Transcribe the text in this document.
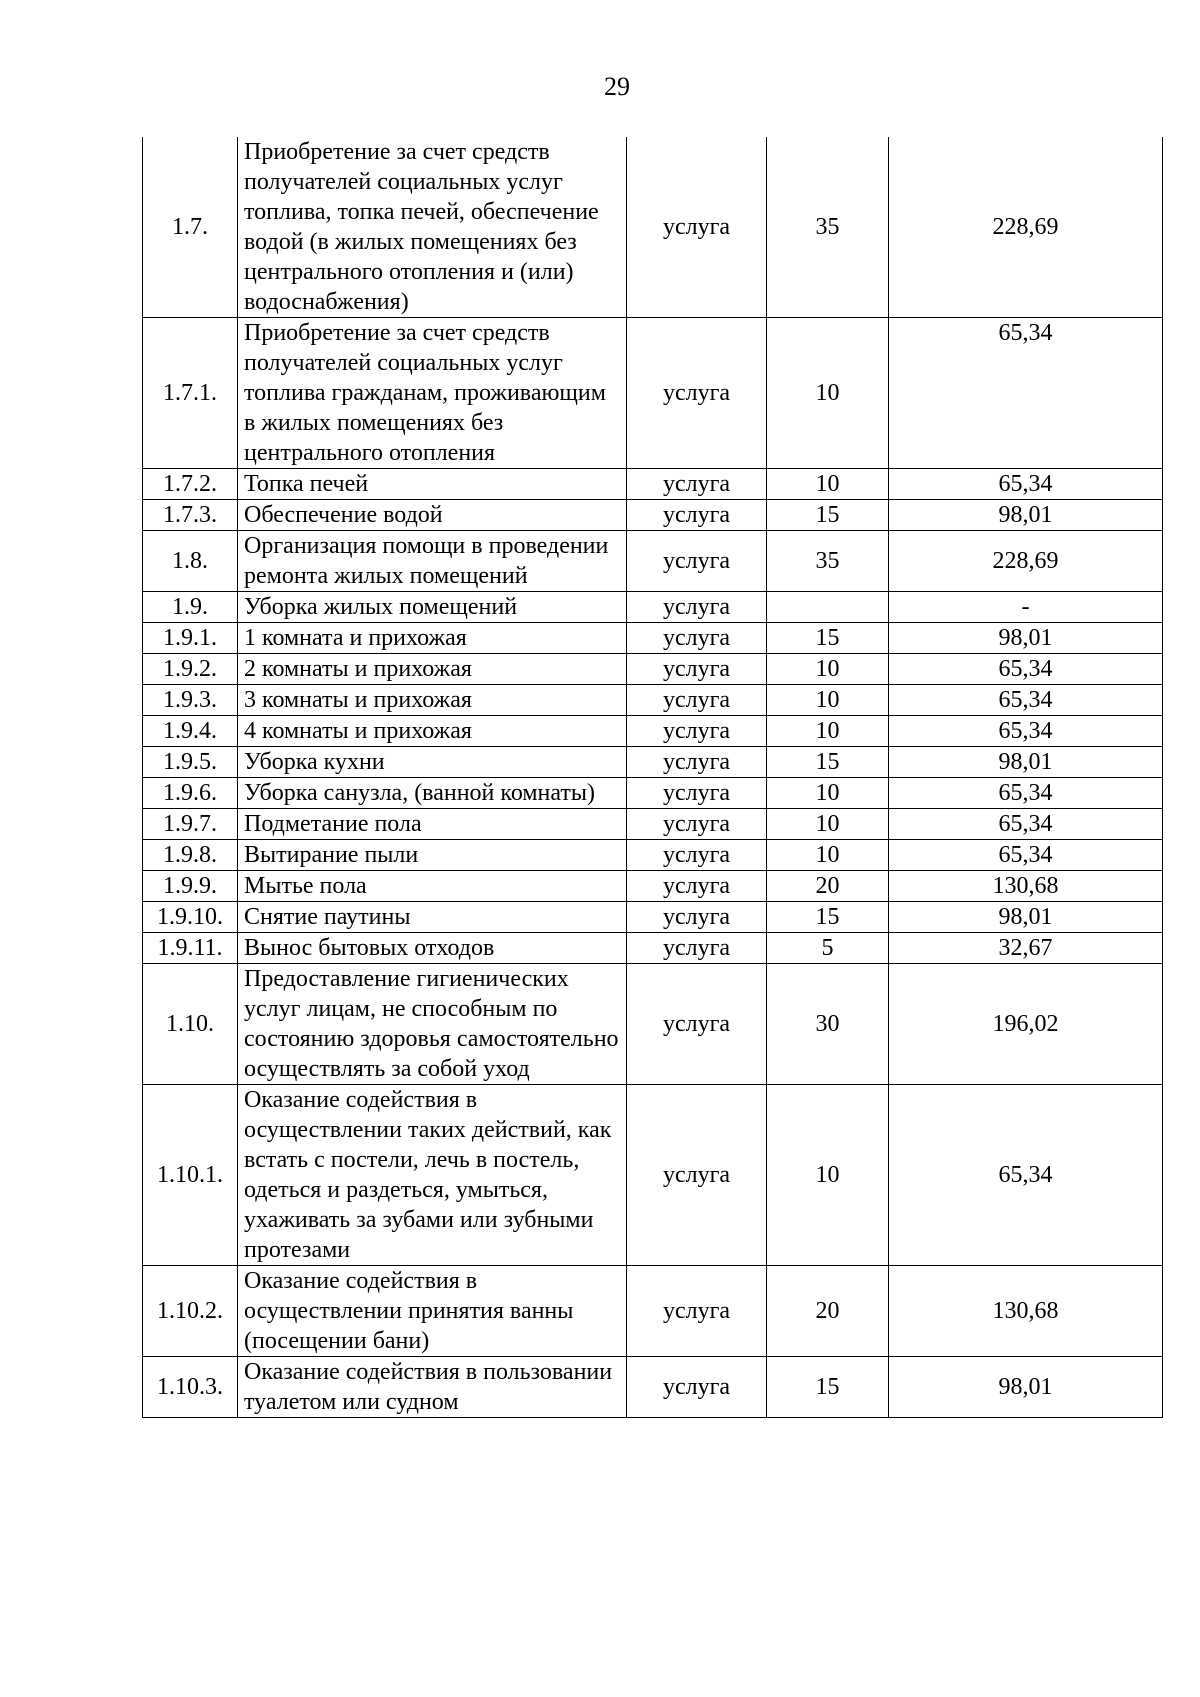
29
1.7.	Приобретение за счет средств получателей социальных услуг топлива, топка печей, обеспечение водой (в жилых помещениях без центрального отопления и (или) водоснабжения)	услуга	35	228,69
1.7.1.	Приобретение за счет средств получателей социальных услуг топлива гражданам, проживающим в жилых помещениях без центрального отопления	услуга	10	65,34
1.7.2.	Топка печей	услуга	10	65,34
1.7.3.	Обеспечение водой	услуга	15	98,01
1.8.	Организация помощи в проведении ремонта жилых помещений	услуга	35	228,69
1.9.	Уборка жилых помещений	услуга		-
1.9.1.	1 комната и прихожая	услуга	15	98,01
1.9.2.	2 комнаты и прихожая	услуга	10	65,34
1.9.3.	3 комнаты и прихожая	услуга	10	65,34
1.9.4.	4 комнаты и прихожая	услуга	10	65,34
1.9.5.	Уборка кухни	услуга	15	98,01
1.9.6.	Уборка санузла, (ванной комнаты)	услуга	10	65,34
1.9.7.	Подметание пола	услуга	10	65,34
1.9.8.	Вытирание пыли	услуга	10	65,34
1.9.9.	Мытье пола	услуга	20	130,68
1.9.10.	Снятие паутины	услуга	15	98,01
1.9.11.	Вынос бытовых отходов	услуга	5	32,67
1.10.	Предоставление гигиенических услуг лицам, не способным по состоянию здоровья самостоятельно осуществлять за собой уход	услуга	30	196,02
1.10.1.	Оказание содействия в осуществлении таких действий, как встать с постели, лечь в постель, одеться и раздеться, умыться, ухаживать за зубами или зубными протезами	услуга	10	65,34
1.10.2.	Оказание содействия в осуществлении принятия ванны (посещении бани)	услуга	20	130,68
1.10.3.	Оказание содействия в пользовании туалетом или судном	услуга	15	98,01
